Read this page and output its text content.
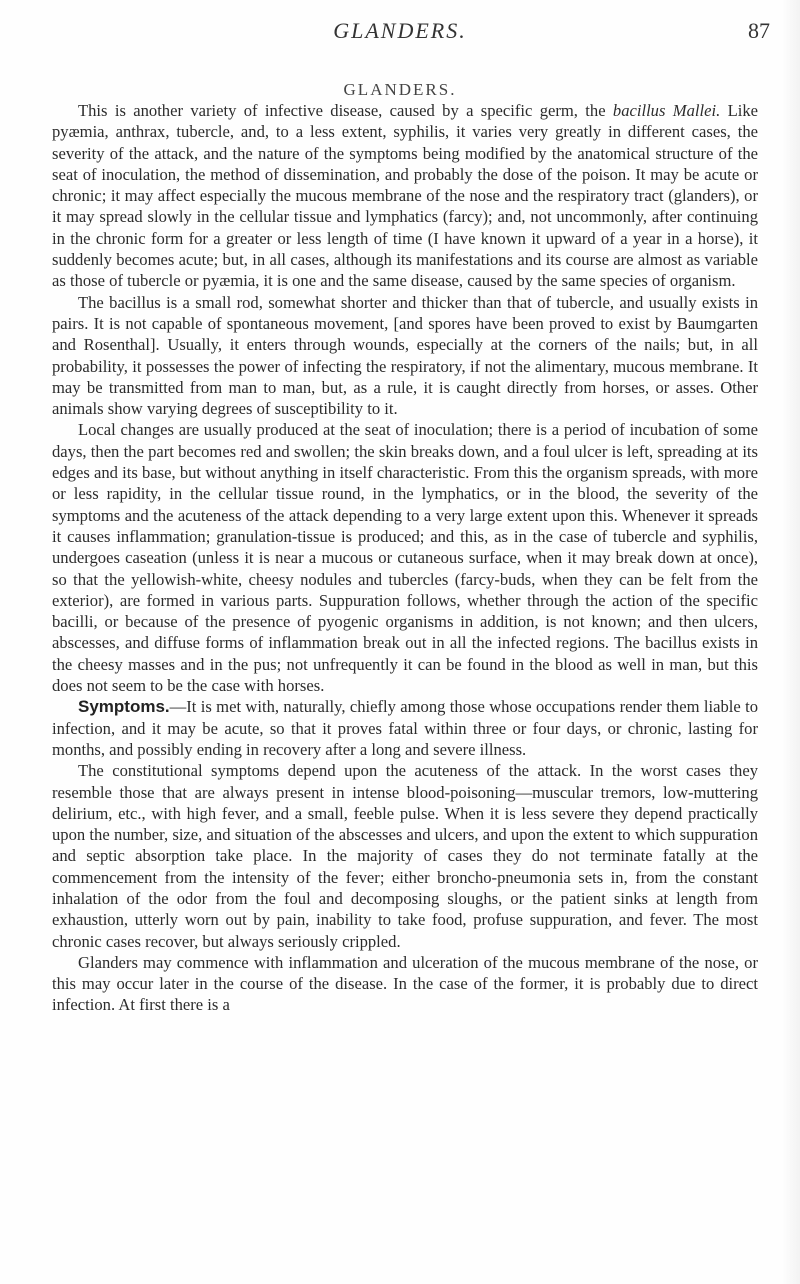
GLANDERS.	87
GLANDERS.

This is another variety of infective disease, caused by a specific germ, the bacillus Mallei. Like pyæmia, anthrax, tubercle, and, to a less extent, syphilis, it varies very greatly in different cases, the severity of the attack, and the nature of the symptoms being modified by the anatomical structure of the seat of inoculation, the method of dissemination, and probably the dose of the poison. It may be acute or chronic; it may affect especially the mucous membrane of the nose and the respiratory tract (glanders), or it may spread slowly in the cellular tissue and lymphatics (farcy); and, not uncommonly, after continuing in the chronic form for a greater or less length of time (I have known it upward of a year in a horse), it suddenly becomes acute; but, in all cases, although its manifestations and its course are almost as variable as those of tubercle or pyæmia, it is one and the same disease, caused by the same species of organism.

The bacillus is a small rod, somewhat shorter and thicker than that of tubercle, and usually exists in pairs. It is not capable of spontaneous movement, [and spores have been proved to exist by Baumgarten and Rosenthal]. Usually, it enters through wounds, especially at the corners of the nails; but, in all probability, it possesses the power of infecting the respiratory, if not the alimentary, mucous membrane. It may be transmitted from man to man, but, as a rule, it is caught directly from horses, or asses. Other animals show varying degrees of susceptibility to it.

Local changes are usually produced at the seat of inoculation; there is a period of incubation of some days, then the part becomes red and swollen; the skin breaks down, and a foul ulcer is left, spreading at its edges and its base, but without anything in itself characteristic. From this the organism spreads, with more or less rapidity, in the cellular tissue round, in the lymphatics, or in the blood, the severity of the symptoms and the acuteness of the attack depending to a very large extent upon this. Whenever it spreads it causes inflammation; granulation-tissue is produced; and this, as in the case of tubercle and syphilis, undergoes caseation (unless it is near a mucous or cutaneous surface, when it may break down at once), so that the yellowish-white, cheesy nodules and tubercles (farcy-buds, when they can be felt from the exterior), are formed in various parts. Suppuration follows, whether through the action of the specific bacilli, or because of the presence of pyogenic organisms in addition, is not known; and then ulcers, abscesses, and diffuse forms of inflammation break out in all the infected regions. The bacillus exists in the cheesy masses and in the pus; not unfrequently it can be found in the blood as well in man, but this does not seem to be the case with horses.

Symptoms.—It is met with, naturally, chiefly among those whose occupations render them liable to infection, and it may be acute, so that it proves fatal within three or four days, or chronic, lasting for months, and possibly ending in recovery after a long and severe illness.

The constitutional symptoms depend upon the acuteness of the attack. In the worst cases they resemble those that are always present in intense blood-poisoning—muscular tremors, low-muttering delirium, etc., with high fever, and a small, feeble pulse. When it is less severe they depend practically upon the number, size, and situation of the abscesses and ulcers, and upon the extent to which suppuration and septic absorption take place. In the majority of cases they do not terminate fatally at the commencement from the intensity of the fever; either broncho-pneumonia sets in, from the constant inhalation of the odor from the foul and decomposing sloughs, or the patient sinks at length from exhaustion, utterly worn out by pain, inability to take food, profuse suppuration, and fever. The most chronic cases recover, but always seriously crippled.

Glanders may commence with inflammation and ulceration of the mucous membrane of the nose, or this may occur later in the course of the disease. In the case of the former, it is probably due to direct infection. At first there is a
